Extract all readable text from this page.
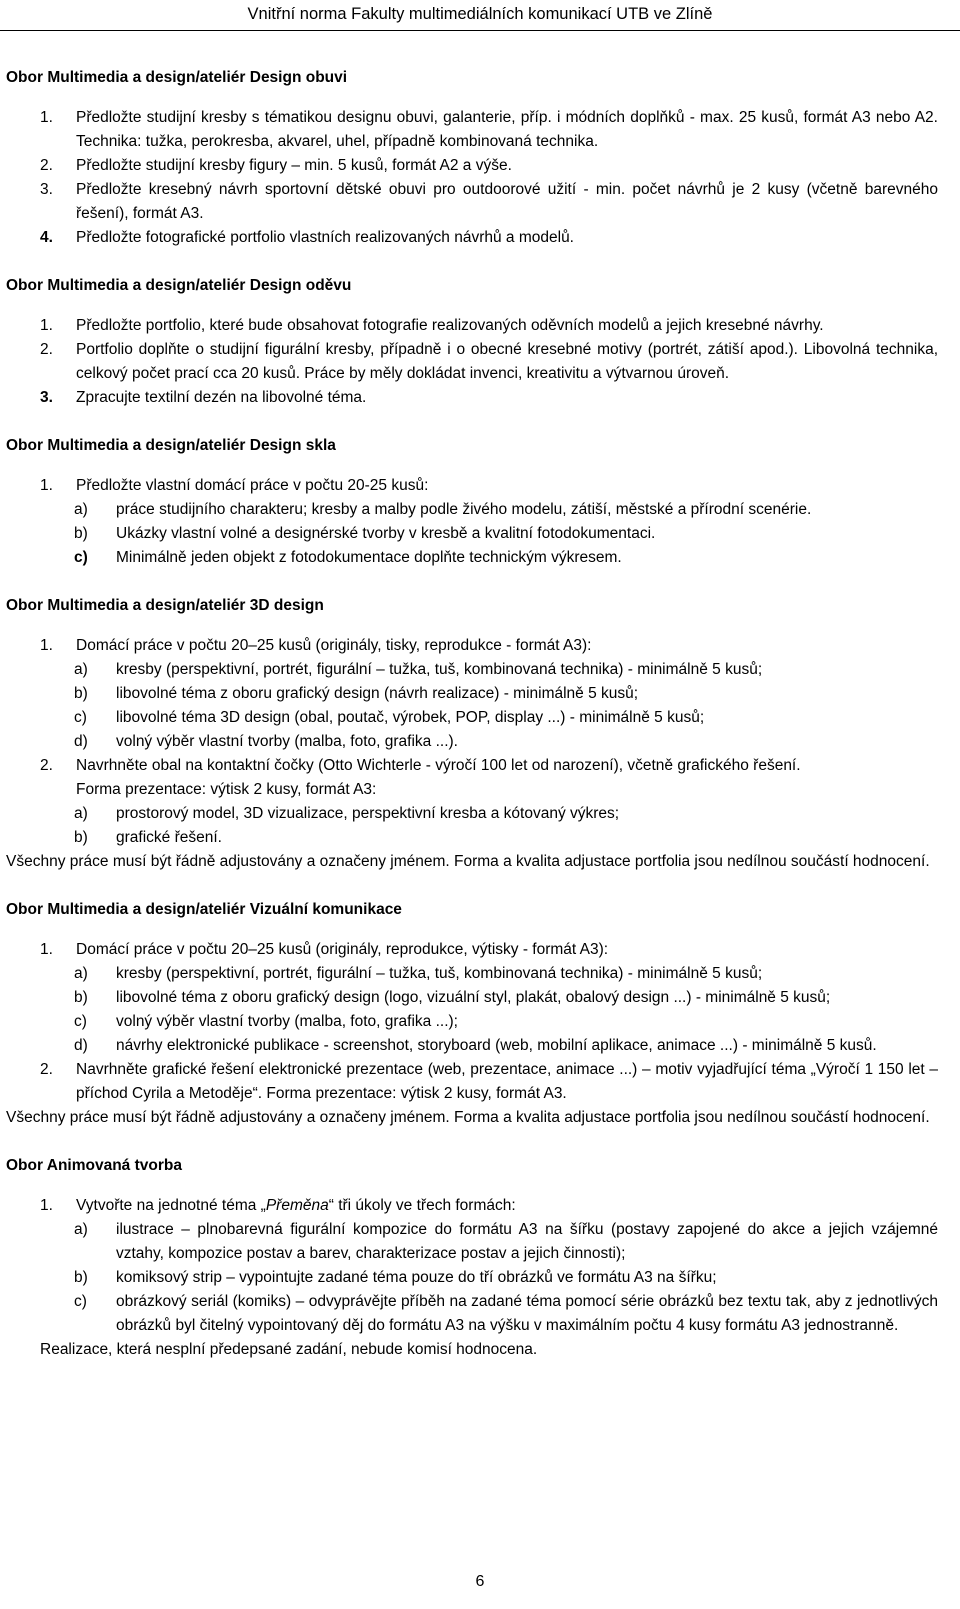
Vnitřní norma Fakulty multimediálních komunikací UTB ve Zlíně

Obor Multimedia a design/ateliér Design obuvi

1. Předložte studijní kresby s tématikou designu obuvi, galanterie, příp. i módních doplňků - max. 25 kusů, formát A3 nebo A2. Technika: tužka, perokresba, akvarel, uhel, případně kombinovaná technika.

2. Předložte studijní kresby figury – min. 5 kusů, formát A2 a výše.

3. Předložte kresebný návrh sportovní dětské obuvi pro outdoorové užití - min. počet návrhů je 2 kusy (včetně barevného řešení), formát A3.

4. Předložte fotografické portfolio vlastních realizovaných návrhů a modelů.

Obor Multimedia a design/ateliér Design oděvu

1. Předložte portfolio, které bude obsahovat fotografie realizovaných oděvních modelů a jejich kresebné návrhy.

2. Portfolio doplňte o studijní figurální kresby, případně i o obecné kresebné motivy (portrét, zátiší apod.). Libovolná technika, celkový počet prací cca 20 kusů. Práce by měly dokládat invenci, kreativitu a výtvarnou úroveň.

3. Zpracujte textilní dezén na libovolné téma.

Obor Multimedia a design/ateliér Design skla

1. Předložte vlastní domácí práce v počtu 20-25 kusů:

a) práce studijního charakteru; kresby a malby podle živého modelu, zátiší, městské a přírodní scenérie.

b) Ukázky vlastní volné a designérské tvorby v kresbě a kvalitní fotodokumentaci.

c) Minimálně jeden objekt z fotodokumentace doplňte technickým výkresem.

Obor Multimedia a design/ateliér 3D design

1. Domácí práce v počtu 20–25 kusů (originály, tisky, reprodukce - formát A3):

a) kresby (perspektivní, portrét, figurální – tužka, tuš, kombinovaná technika) - minimálně 5 kusů;

b) libovolné téma z oboru grafický design (návrh realizace) - minimálně 5 kusů;

c) libovolné téma 3D design (obal, poutač, výrobek, POP, display ...) - minimálně 5 kusů;

d) volný výběr vlastní tvorby (malba, foto, grafika ...).

2. Navrhněte obal na kontaktní čočky (Otto Wichterle - výročí 100 let od narození), včetně grafického řešení.

Forma prezentace: výtisk 2 kusy, formát A3:

a) prostorový model, 3D vizualizace, perspektivní kresba a kótovaný výkres;

b) grafické řešení.

Všechny práce musí být řádně adjustovány a označeny jménem. Forma a kvalita adjustace portfolia jsou nedílnou součástí hodnocení.

Obor Multimedia a design/ateliér Vizuální komunikace

1. Domácí práce v počtu 20–25 kusů (originály, reprodukce, výtisky - formát A3):

a) kresby (perspektivní, portrét, figurální – tužka, tuš, kombinovaná technika) - minimálně 5 kusů;

b) libovolné téma z oboru grafický design (logo, vizuální styl, plakát, obalový design ...) - minimálně 5 kusů;

c) volný výběr vlastní tvorby (malba, foto, grafika ...);

d) návrhy elektronické publikace - screenshot, storyboard (web, mobilní aplikace, animace ...) - minimálně 5 kusů.

2. Navrhněte grafické řešení elektronické prezentace (web, prezentace, animace ...) – motiv vyjadřující téma „Výročí 1 150 let – příchod Cyrila a Metoděje“. Forma prezentace: výtisk 2 kusy, formát A3.

Všechny práce musí být řádně adjustovány a označeny jménem. Forma a kvalita adjustace portfolia jsou nedílnou součástí hodnocení.

Obor Animovaná tvorba

1. Vytvořte na jednotné téma „Přeměna“ tři úkoly ve třech formách:

a) ilustrace – plnobarevná figurální kompozice do formátu A3 na šířku (postavy zapojené do akce a jejich vzájemné vztahy, kompozice postav a barev, charakterizace postav a jejich činnosti);

b) komiksový strip – vypointujte zadané téma pouze do tří obrázků ve formátu A3 na šířku;

c) obrázkový seriál (komiks) – odvyprávějte příběh na zadané téma pomocí série obrázků bez textu tak, aby z jednotlivých obrázků byl čitelný vypointovaný děj do formátu A3 na výšku v maximálním počtu 4 kusy formátu A3 jednostranně.

Realizace, která nesplní předepsané zadání, nebude komisí hodnocena.

6
